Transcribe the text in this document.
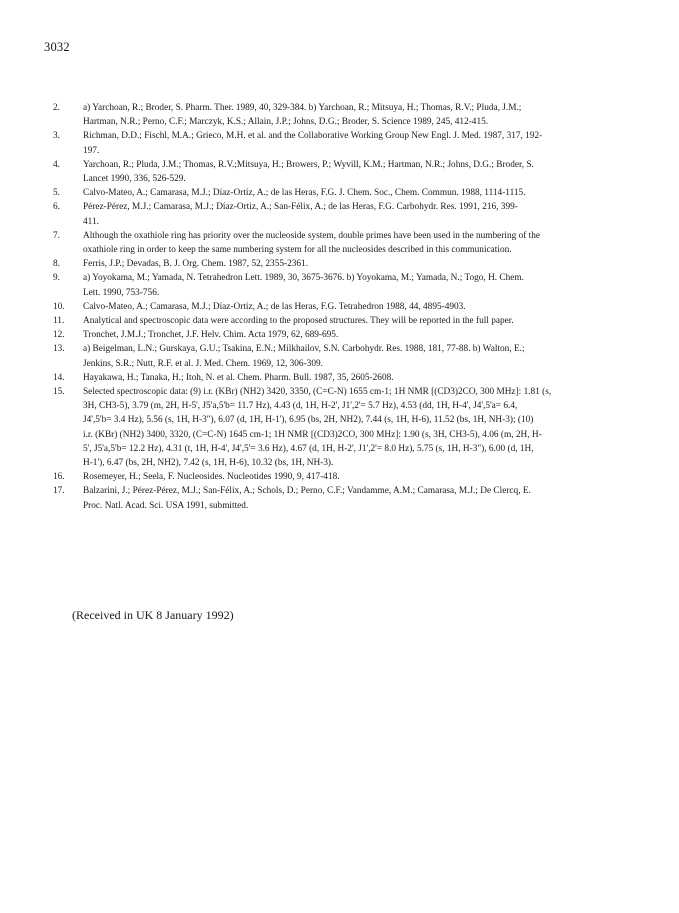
3032
2.	a) Yarchoan, R.; Broder, S. Pharm. Ther. 1989, 40, 329-384. b) Yarchoan, R.; Mitsuya, H.; Thomas, R.V.; Pluda, J.M.;
Hartman, N.R.; Perno, C.F.; Marczyk, K.S.; Allain, J.P.; Johns, D.G.; Broder, S. Science 1989, 245, 412-415.
3.	Richman, D.D.; Fischl, M.A.; Grieco, M.H. et al. and the Collaborative Working Group New Engl. J. Med. 1987, 317, 192-
197.
4.	Yarchoan, R.; Pluda, J.M.; Thomas, R.V.;Mitsuya, H.; Browers, P.; Wyvill, K.M.; Hartman, N.R.; Johns, D.G.; Broder, S.
Lancet 1990, 336, 526-529.
5.	Calvo-Mateo, A.; Camarasa, M.J.; Díaz-Ortíz, A.; de las Heras, F.G. J. Chem. Soc., Chem. Commun. 1988, 1114-1115.
6.	Pérez-Pérez, M.J.; Camarasa, M.J.; Díaz-Ortiz, A.; San-Félix, A.; de las Heras, F.G. Carbohydr. Res. 1991, 216, 399-
411.
7.	Although the oxathiole ring has priority over the nucleoside system, double primes have been used in the numbering of the
oxathiole ring in order to keep the same numbering system for all the nucleosides described in this communication.
8.	Ferris, J.P.; Devadas, B. J. Org. Chem. 1987, 52, 2355-2361.
9.	a) Yoyokama, M.; Yamada, N. Tetrahedron Lett. 1989, 30, 3675-3676. b) Yoyokama, M.; Yamada, N.; Togo, H. Chem.
Lett. 1990, 753-756.
10.	Calvo-Mateo, A.; Camarasa, M.J.; Díaz-Ortíz, A.; de las Heras, F.G. Tetrahedron 1988, 44, 4895-4903.
11.	Analytical and spectroscopic data were according to the proposed structures. They will be reported in the full paper.
12.	Tronchet, J.M.J.; Tronchet, J.F. Helv. Chim. Acta 1979, 62, 689-695.
13.	a) Beigelman, L.N.; Gurskaya, G.U.; Tsakina, E.N.; Milkhailov, S.N. Carbohydr. Res. 1988, 181, 77-88. b) Walton, E.;
Jenkins, S.R.; Nutt, R.F. et al. J. Med. Chem. 1969, 12, 306-309.
14.	Hayakawa, H.; Tanaka, H.; Itoh, N. et al. Chem. Pharm. Bull. 1987, 35, 2605-2608.
15.	Selected spectroscopic data: (9) i.r. (KBr) (NH2) 3420, 3350, (C=C-N) 1655 cm-1; 1H NMR [(CD3)2CO, 300 MHz]: 1.81 (s,
3H, CH3-5), 3.79 (m, 2H, H-5', J5'a,5'b= 11.7 Hz), 4.43 (d, 1H, H-2', J1',2'= 5.7 Hz), 4.53 (dd, 1H, H-4', J4',5'a= 6.4,
J4',5'b= 3.4 Hz), 5.56 (s, 1H, H-3"), 6.07 (d, 1H, H-1'), 6.95 (bs, 2H, NH2), 7.44 (s, 1H, H-6), 11.52 (bs, 1H, NH-3); (10)
i.r. (KBr) (NH2) 3400, 3320, (C=C-N) 1645 cm-1; 1H NMR [(CD3)2CO, 300 MHz]: 1.90 (s, 3H, CH3-5), 4.06 (m, 2H, H-
5', J5'a,5'b= 12.2 Hz), 4.31 (t, 1H, H-4', J4',5'= 3.6 Hz), 4.67 (d, 1H, H-2', J1',2'= 8.0 Hz), 5.75 (s, 1H, H-3"), 6.00 (d, 1H,
H-1'), 6.47 (bs, 2H, NH2), 7.42 (s, 1H, H-6), 10.32 (bs, 1H, NH-3).
16.	Rosemeyer, H.; Seela, F. Nucleosides. Nucleotides 1990, 9, 417-418.
17.	Balzarini, J.; Pérez-Pérez, M.J.; San-Félix, A.; Schols, D.; Perno, C.F.; Vandamme, A.M.; Camarasa, M.J.; De Clercq, E.
Proc. Natl. Acad. Sci. USA 1991, submitted.
(Received in UK 8 January 1992)
